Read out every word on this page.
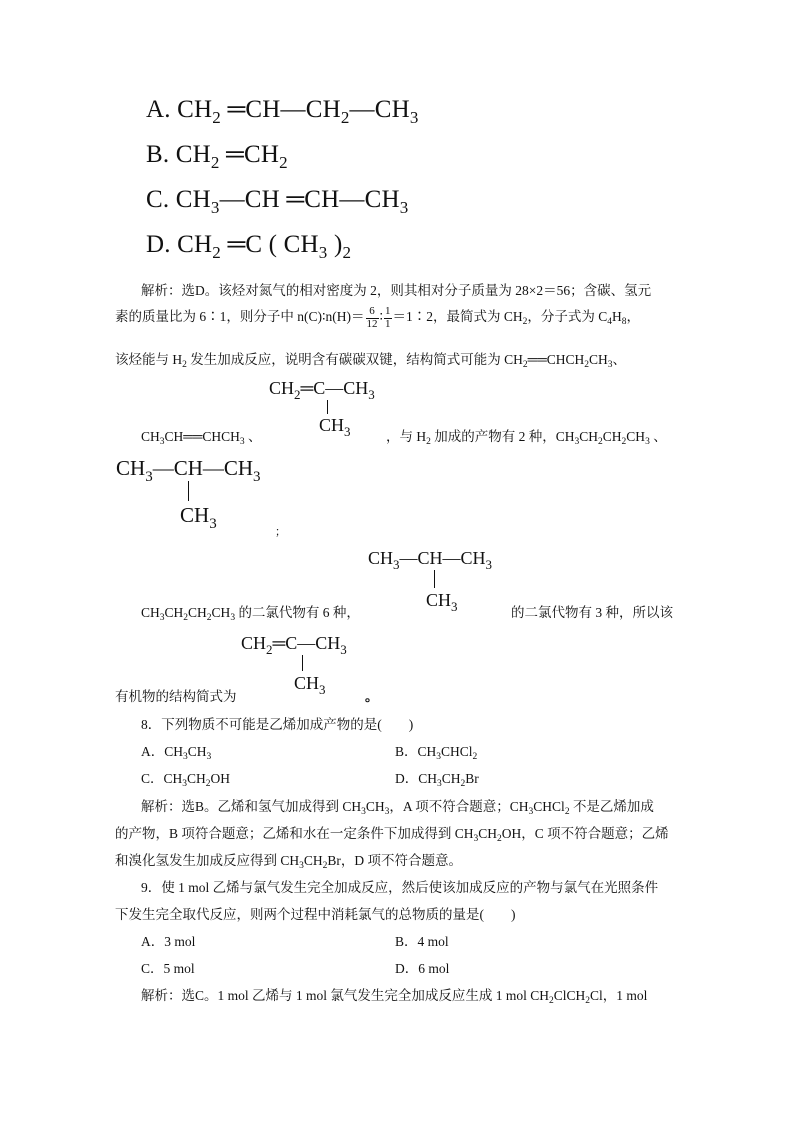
A. $CH_2$ $═CH—CH_2—CH_3$
B. $CH_2$ $═CH_2$
C. $CH_3—CH$ $═CH—CH_3$
D. $CH_2$ ═C ( $CH_3$ )$_2$
解析：选D。该烃对氮气的相对密度为 2，则其相对分子质量为 28×2＝56；含碳、氢元
素的质量比为 6∶1，则分子中 n(C)∶n(H)＝ $\frac{6}{12}$ ∶ $\frac{1}{1}$ ＝1∶2，最简式为 $CH_2$，分子式为 $C_4H_8$，
该烃能与 $H_2$ 发生加成反应，说明含有碳碳双键，结构简式可能为 $CH_2══CHCH_2CH_3$、
$CH_2═C—CH_3$
$CH_3$
$CH_3CH══CHCH_3$ 、	，与 $H_2$ 加成的产物有 2 种，$CH_3CH_2CH_2CH_3$ 、
$CH_3—CH—CH_3$
$CH_3$	；
$CH_3—CH—CH_3$
$CH_3$
$CH_3CH_2CH_2CH_3$ 的二氯代物有 6 种，	的二氯代物有 3 种，所以该
$CH_2═C—CH_3$
$CH_3$
有机物的结构简式为	。
8．下列物质不可能是乙烯加成产物的是(　　)
A．$CH_3CH_3$	B．$CH_3CHCl_2$
C．$CH_3CH_2OH$	D．$CH_3CH_2Br$
解析：选B。乙烯和氢气加成得到 $CH_3CH_3$，A 项不符合题意；$CH_3CHCl_2$ 不是乙烯加成
的产物，B 项符合题意；乙烯和水在一定条件下加成得到 $CH_3CH_2OH$，C 项不符合题意；乙烯
和溴化氢发生加成反应得到 $CH_3CH_2Br$，D 项不符合题意。
9．使 1 mol 乙烯与氯气发生完全加成反应，然后使该加成反应的产物与氯气在光照条件
下发生完全取代反应，则两个过程中消耗氯气的总物质的量是(　　)
A．3 mol	B．4 mol
C．5 mol	D．6 mol
解析：选C。1 mol 乙烯与 1 mol 氯气发生完全加成反应生成 1 mol $CH_2ClCH_2Cl$，1 mol
